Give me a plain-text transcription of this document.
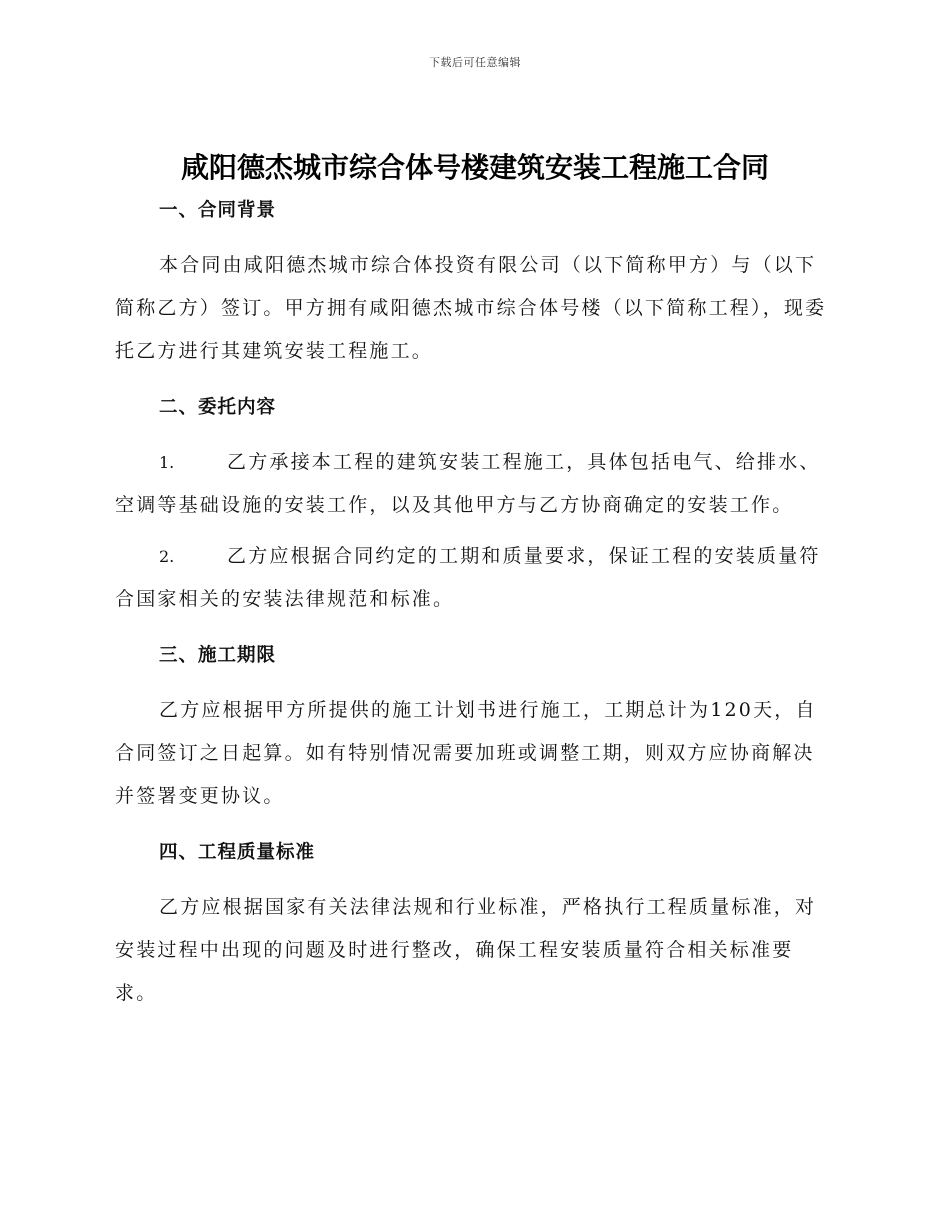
下载后可任意编辑
咸阳德杰城市综合体号楼建筑安装工程施工合同
一、合同背景

本合同由咸阳德杰城市综合体投资有限公司（以下简称甲方）与（以下简称乙方）签订。甲方拥有咸阳德杰城市综合体号楼（以下简称工程），现委托乙方进行其建筑安装工程施工。

二、委托内容

1.	乙方承接本工程的建筑安装工程施工，具体包括电气、给排水、空调等基础设施的安装工作，以及其他甲方与乙方协商确定的安装工作。

2.	乙方应根据合同约定的工期和质量要求，保证工程的安装质量符合国家相关的安装法律规范和标准。

三、施工期限

乙方应根据甲方所提供的施工计划书进行施工，工期总计为120天，自合同签订之日起算。如有特别情况需要加班或调整工期，则双方应协商解决并签署变更协议。

四、工程质量标准

乙方应根据国家有关法律法规和行业标准，严格执行工程质量标准，对安装过程中出现的问题及时进行整改，确保工程安装质量符合相关标准要求。
